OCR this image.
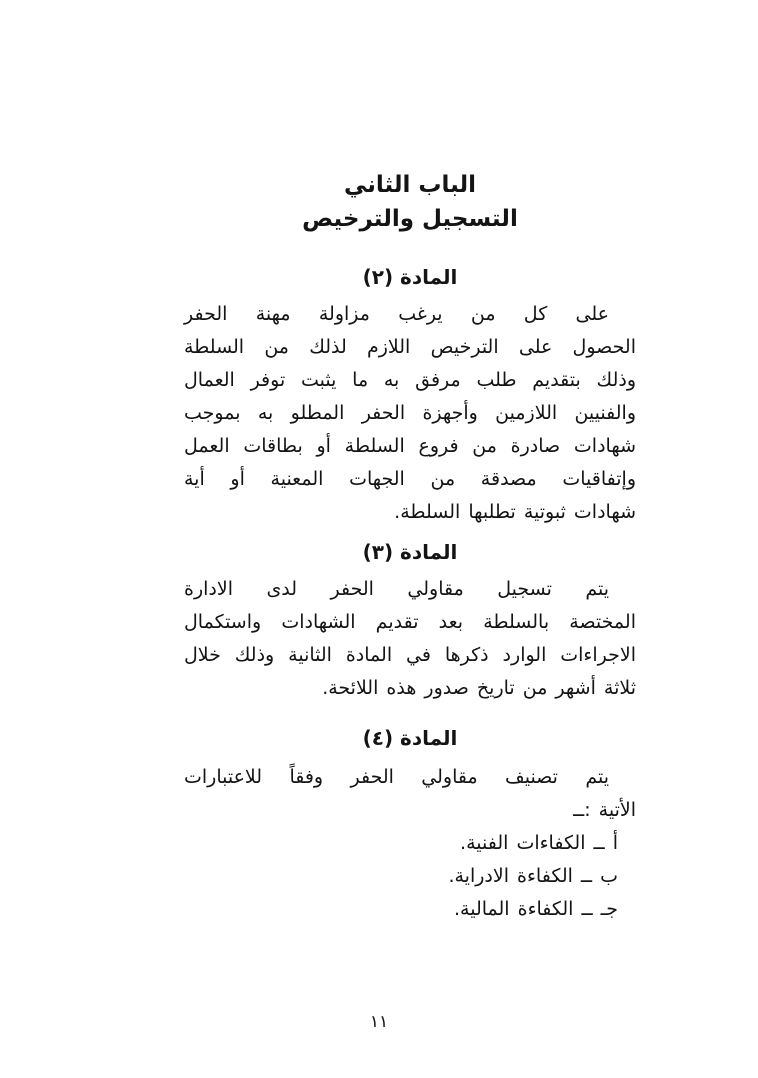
الباب الثاني
التسجيل والترخيص
المادة (٢)
على كل من يرغب مزاولة مهنة الحفر
الحصول على الترخيص اللازم لذلك من السلطة
وذلك بتقديم طلب مرفق به ما يثبت توفر العمال
والفنيين اللازمين وأجهزة الحفر المطلو به بموجب
شهادات صادرة من فروع السلطة أو بطاقات العمل
وإتفاقيات مصدقة من الجهات المعنية أو أية
شهادات ثبوتية تطلبها السلطة.
المادة (٣)
يتم تسجيل مقاولي الحفر لدى الادارة
المختصة بالسلطة بعد تقديم الشهادات واستكمال
الاجراءات الوارد ذكرها في المادة الثانية وذلك خلال
ثلاثة أشهر من تاريخ صدور هذه اللائحة.
المادة (٤)
يتم تصنيف مقاولي الحفر وفقاً للاعتبارات
الأتية :ــ
أ ــ الكفاءات الفنية.
ب ــ الكفاءة الادراية.
جـ ــ الكفاءة المالية.
١١
